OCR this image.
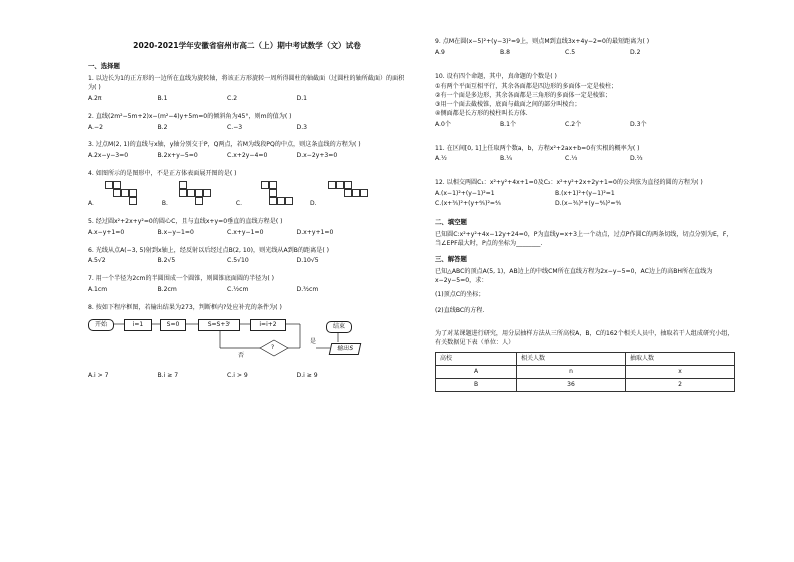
2020-2021学年安徽省宿州市高二（上）期中考试数学（文）试卷
一、选择题
1. 以边长为1的正方形的一边所在直线为旋转轴，将该正方形旋转一周所得圆柱的轴截面（过圆柱的轴所截面）的面积为( )
A.2π	B.1	C.2	D.1
2. 直线(2m²−5m+2)x−(m²−4)y+5m=0的倾斜角为45°，则m的值为( )
A.−2	B.2	C.−3	D.3
3. 过点M(2, 1)的直线与x轴，y轴分别交于P，Q两点，若M为线段PQ的中点，则这条直线的方程为( )
A.2x−y−3=0	B.2x+y−5=0	C.x+2y−4=0	D.x−2y+3=0
4. 如图所示的是图形中，不是正方体表面展开图的是( )
A.	B.	C.	D.
5. 经过圆x²+2x+y²=0的圆心C，且与直线x+y=0垂直的直线方程是( )
A.x−y+1=0	B.x−y−1=0	C.x+y−1=0	D.x+y+1=0
6. 光线从点A(−3, 5)射到x轴上，经反射以后经过点B(2, 10)，则光线从A到B的距离是( )
A.5√2	B.2√5	C.5√10	D.10√5
7. 用一个半径为2cm的半圆围成一个圆锥，则圆锥底面圆的半径为( )
A.1cm	B.2cm	C.½cm	D.³⁄₂cm
8. 按如下程序框图，若输出结果为273，判断框内?处应补充的条件为( )
开始	i=1	S=0	S=S+3ⁱ	i=i+2
?
是
否
输出S
结束
A.i > 7	B.i ≥ 7	C.i > 9	D.i ≥ 9
9. 点M在圆(x−5)²+(y−3)²=9上，则点M到直线3x+4y−2=0的最短距离为( )
A.9	B.8	C.5	D.2
10. 设有四个命题，其中，真命题的个数是( )
①有两个平面互相平行，其余各面都是四边形的多面体一定是棱柱；
②有一个面是多边形，其余各面都是三角形的多面体一定是棱锥；
③用一个面去截棱锥，底面与截面之间的部分叫棱台；
④侧面都是长方形的棱柱叫长方体.
A.0个	B.1个	C.2个	D.3个
11. 在区间[0, 1]上任取两个数a，b，方程x²+2ax+b=0有实根的概率为( )
A.½	B.¼	C.⅓	D.⅔
12. 以相交两圆C₁：x²+y²+4x+1=0及C₂：x²+y²+2x+2y+1=0的公共弦为直径的圆的方程为( )
A.(x−1)²+(y−1)²=1	B.(x+1)²+(y−1)²=1
C.(x+³⁄₅)²+(y+⁶⁄₅)²=⁴⁄₅	D.(x−³⁄₅)²+(y−⁶⁄₅)²=⁴⁄₅
二、填空题
已知圆C:x²+y²+4x−12y+24=0，P为直线y=x+3上一个动点，过点P作圆C的两条切线，切点分别为E，F，当∠EPF最大时，P点的坐标为________.
三、解答题
已知△ABC的顶点A(5, 1)，AB边上的中线CM所在直线方程为2x−y−5=0，AC边上的高BH所在直线为x−2y−5=0，求：
(1)顶点C的坐标；
(2)直线BC的方程.
为了对某课题进行研究，用分层抽样方法从三所高校A，B，C的162个相关人员中，抽取若干人组成研究小组，有关数据见下表（单位：人）
高校	相关人数	抽取人数
A	n	x
B	36	2
